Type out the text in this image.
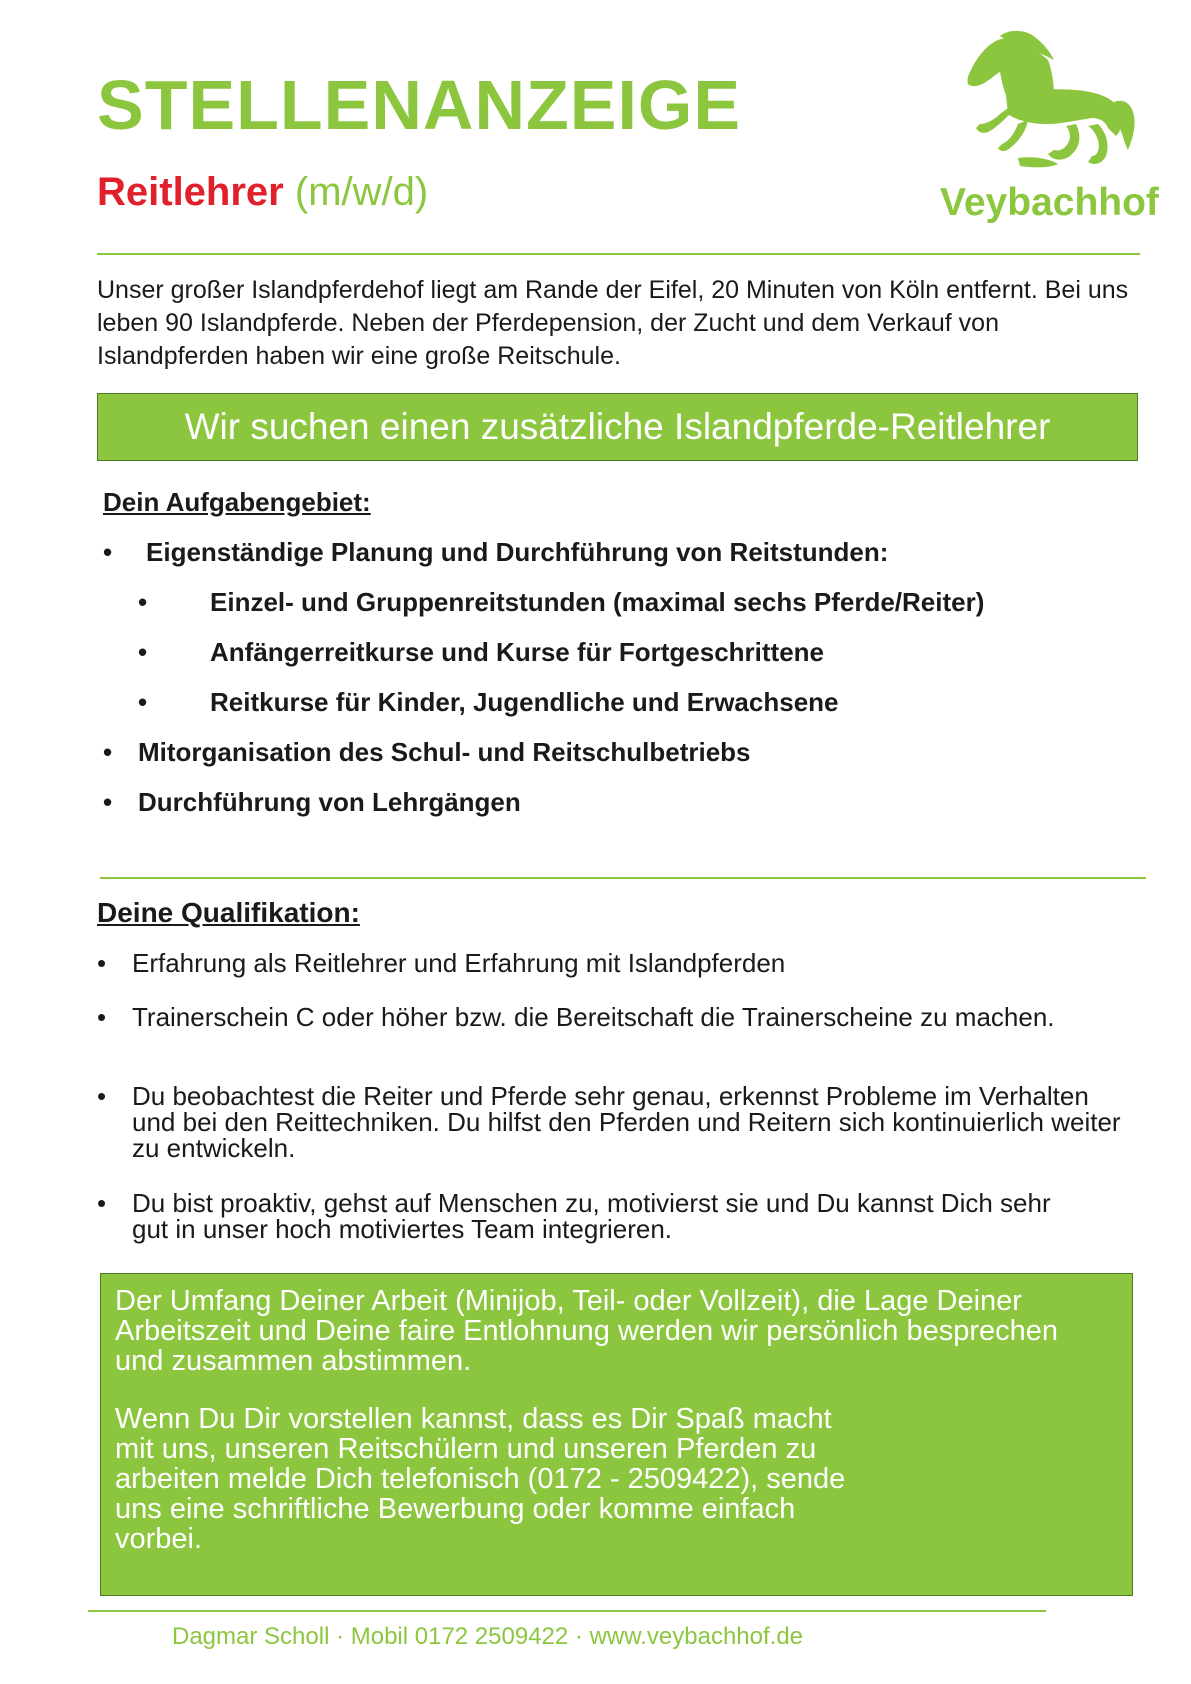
STELLENANZEIGE
Reitlehrer (m/w/d)	Veybachhof
Unser großer Islandpferdehof liegt am Rande der Eifel, 20 Minuten von Köln entfernt. Bei uns leben 90 Islandpferde. Neben der Pferdepension, der Zucht und dem Verkauf von Islandpferden haben wir eine große Reitschule.
Wir suchen einen zusätzliche Islandpferde-Reitlehrer
Dein Aufgabengebiet:
• Eigenständige Planung und Durchführung von Reitstunden:
• Einzel- und Gruppenreitstunden (maximal sechs Pferde/Reiter)
• Anfängerreitkurse und Kurse für Fortgeschrittene
• Reitkurse für Kinder, Jugendliche und Erwachsene
• Mitorganisation des Schul- und Reitschulbetriebs
• Durchführung von Lehrgängen
Deine Qualifikation:
• Erfahrung als Reitlehrer und Erfahrung mit Islandpferden
• Trainerschein C oder höher bzw. die Bereitschaft die Trainerscheine zu machen.
• Du beobachtest die Reiter und Pferde sehr genau, erkennst Probleme im Verhalten und bei den Reittechniken. Du hilfst den Pferden und Reitern sich kontinuierlich weiter zu entwickeln.
• Du bist proaktiv, gehst auf Menschen zu, motivierst sie und Du kannst Dich sehr gut in unser hoch motiviertes Team integrieren.
Der Umfang Deiner Arbeit (Minijob, Teil- oder Vollzeit), die Lage Deiner Arbeitszeit und Deine faire Entlohnung werden wir persönlich besprechen und zusammen abstimmen.
Wenn Du Dir vorstellen kannst, dass es Dir Spaß macht mit uns, unseren Reitschülern und unseren Pferden zu arbeiten melde Dich telefonisch (0172 - 2509422), sende uns eine schriftliche Bewerbung oder komme einfach vorbei.
Dagmar Scholl · Mobil 0172 2509422 · www.veybachhof.de
